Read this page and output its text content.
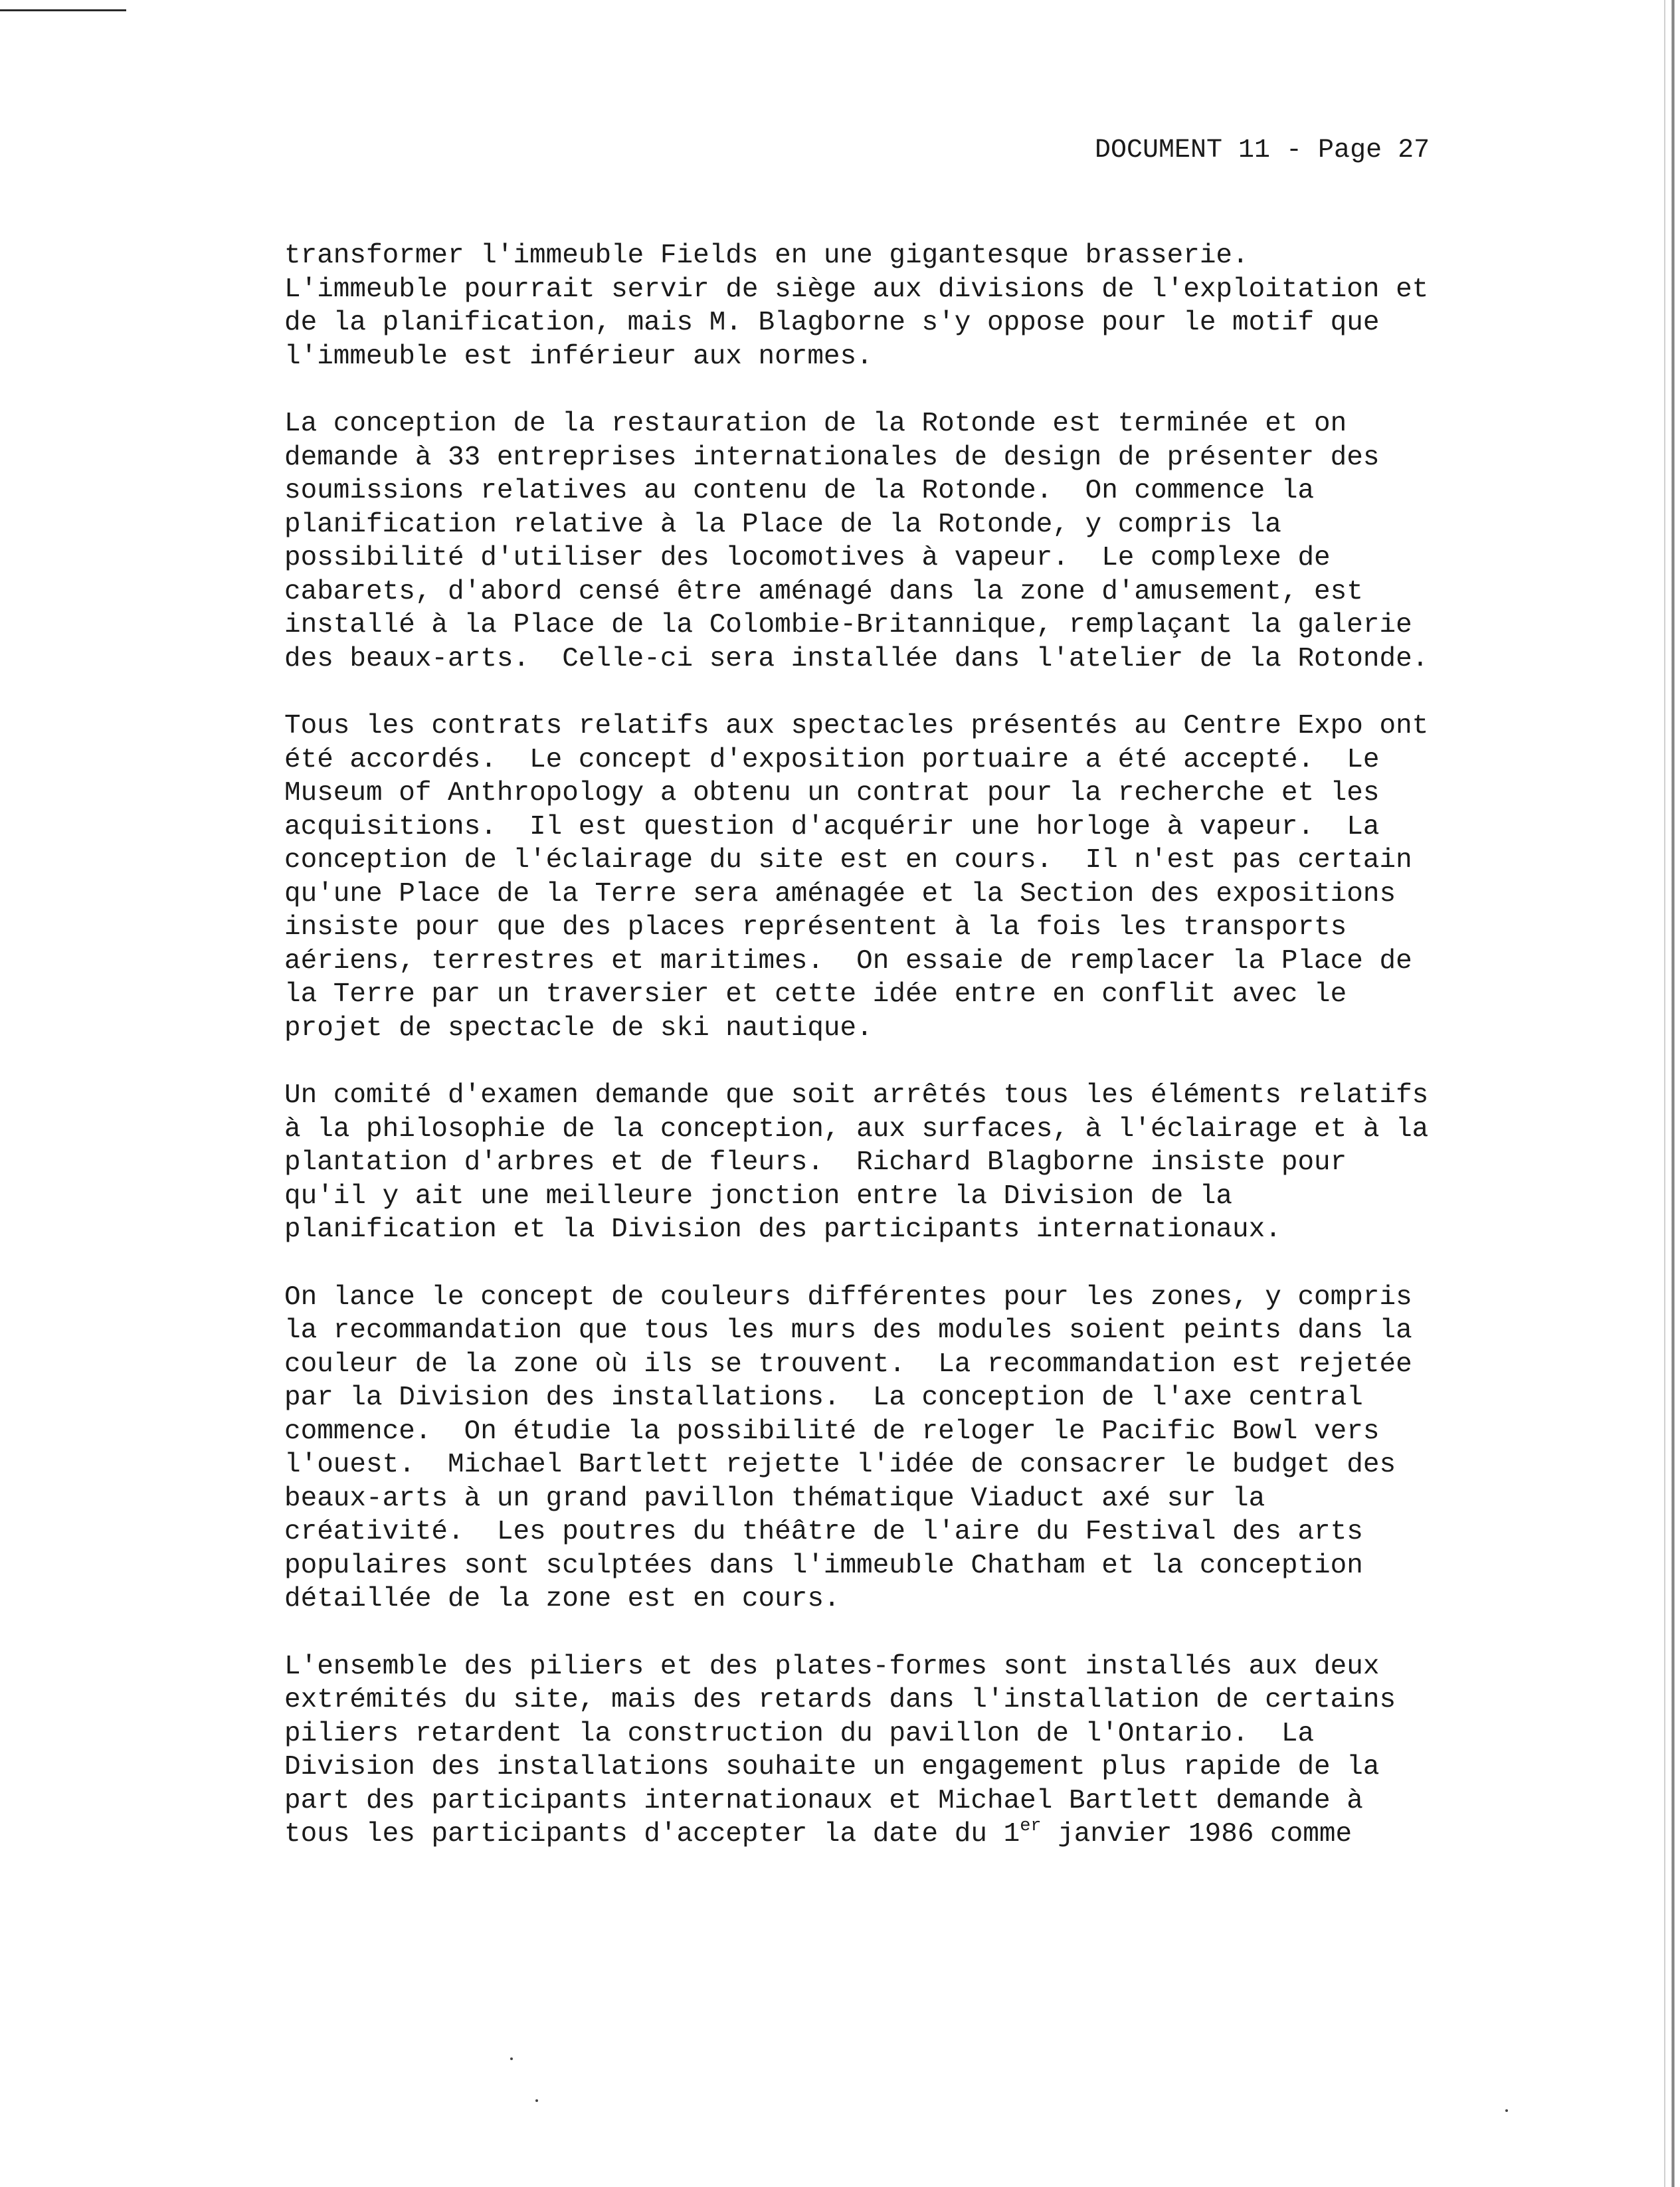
DOCUMENT 11 - Page 27
transformer l'immeuble Fields en une gigantesque brasserie.
L'immeuble pourrait servir de siège aux divisions de l'exploitation et
de la planification, mais M. Blagborne s'y oppose pour le motif que
l'immeuble est inférieur aux normes.
La conception de la restauration de la Rotonde est terminée et on
demande à 33 entreprises internationales de design de présenter des
soumissions relatives au contenu de la Rotonde.  On commence la
planification relative à la Place de la Rotonde, y compris la
possibilité d'utiliser des locomotives à vapeur.  Le complexe de
cabarets, d'abord censé être aménagé dans la zone d'amusement, est
installé à la Place de la Colombie-Britannique, remplaçant la galerie
des beaux-arts.  Celle-ci sera installée dans l'atelier de la Rotonde.
Tous les contrats relatifs aux spectacles présentés au Centre Expo ont
été accordés.  Le concept d'exposition portuaire a été accepté.  Le
Museum of Anthropology a obtenu un contrat pour la recherche et les
acquisitions.  Il est question d'acquérir une horloge à vapeur.  La
conception de l'éclairage du site est en cours.  Il n'est pas certain
qu'une Place de la Terre sera aménagée et la Section des expositions
insiste pour que des places représentent à la fois les transports
aériens, terrestres et maritimes.  On essaie de remplacer la Place de
la Terre par un traversier et cette idée entre en conflit avec le
projet de spectacle de ski nautique.
Un comité d'examen demande que soit arrêtés tous les éléments relatifs
à la philosophie de la conception, aux surfaces, à l'éclairage et à la
plantation d'arbres et de fleurs.  Richard Blagborne insiste pour
qu'il y ait une meilleure jonction entre la Division de la
planification et la Division des participants internationaux.
On lance le concept de couleurs différentes pour les zones, y compris
la recommandation que tous les murs des modules soient peints dans la
couleur de la zone où ils se trouvent.  La recommandation est rejetée
par la Division des installations.  La conception de l'axe central
commence.  On étudie la possibilité de reloger le Pacific Bowl vers
l'ouest.  Michael Bartlett rejette l'idée de consacrer le budget des
beaux-arts à un grand pavillon thématique Viaduct axé sur la
créativité.  Les poutres du théâtre de l'aire du Festival des arts
populaires sont sculptées dans l'immeuble Chatham et la conception
détaillée de la zone est en cours.
L'ensemble des piliers et des plates-formes sont installés aux deux
extrémités du site, mais des retards dans l'installation de certains
piliers retardent la construction du pavillon de l'Ontario.  La
Division des installations souhaite un engagement plus rapide de la
part des participants internationaux et Michael Bartlett demande à
tous les participants d'accepter la date du 1er janvier 1986 comme
